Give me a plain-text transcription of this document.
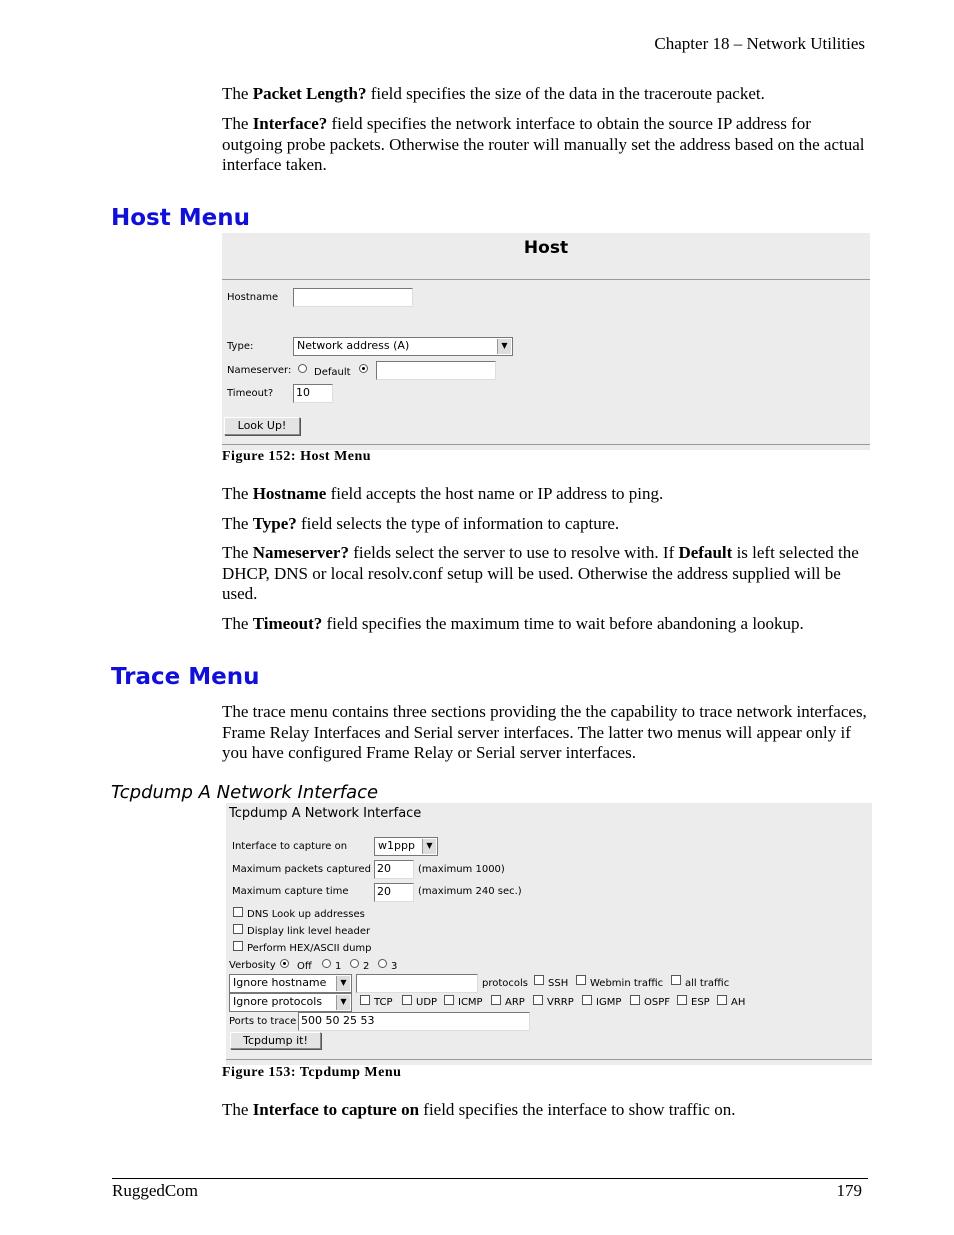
Chapter 18 – Network Utilities
The Packet Length? field specifies the size of the data in the traceroute packet.
The Interface? field specifies the network interface to obtain the source IP address for outgoing probe packets. Otherwise the router will manually set the address based on the actual interface taken.
Host Menu
Host
Hostname
Type:	Network address (A)	▼
Nameserver: Default
Timeout? 10
Look Up!
Figure 152: Host Menu
The Hostname field accepts the host name or IP address to ping.
The Type? field selects the type of information to capture.
The Nameserver? fields select the server to use to resolve with. If Default is left selected the DHCP, DNS or local resolv.conf setup will be used. Otherwise the address supplied will be used.
The Timeout? field specifies the maximum time to wait before abandoning a lookup.
Trace Menu
The trace menu contains three sections providing the the capability to trace network interfaces, Frame Relay Interfaces and Serial server interfaces. The latter two menus will appear only if you have configured Frame Relay or Serial server interfaces.
Tcpdump A Network Interface
Tcpdump A Network Interface
Interface to capture on	w1ppp	▼
Maximum packets captured 20	(maximum 1000)
Maximum capture time	20	(maximum 240 sec.)
DNS Look up addresses
Display link level header
Perform HEX/ASCII dump
Verbosity Off 1 2 3
Ignore hostname	▼	protocols SSH Webmin traffic all traffic
Ignore protocols	▼	TCP UDP ICMP ARP VRRP IGMP OSPF ESP AH
Ports to trace 500 50 25 53
Tcpdump it!
Figure 153: Tcpdump Menu
The Interface to capture on field specifies the interface to show traffic on.
RuggedCom	179
